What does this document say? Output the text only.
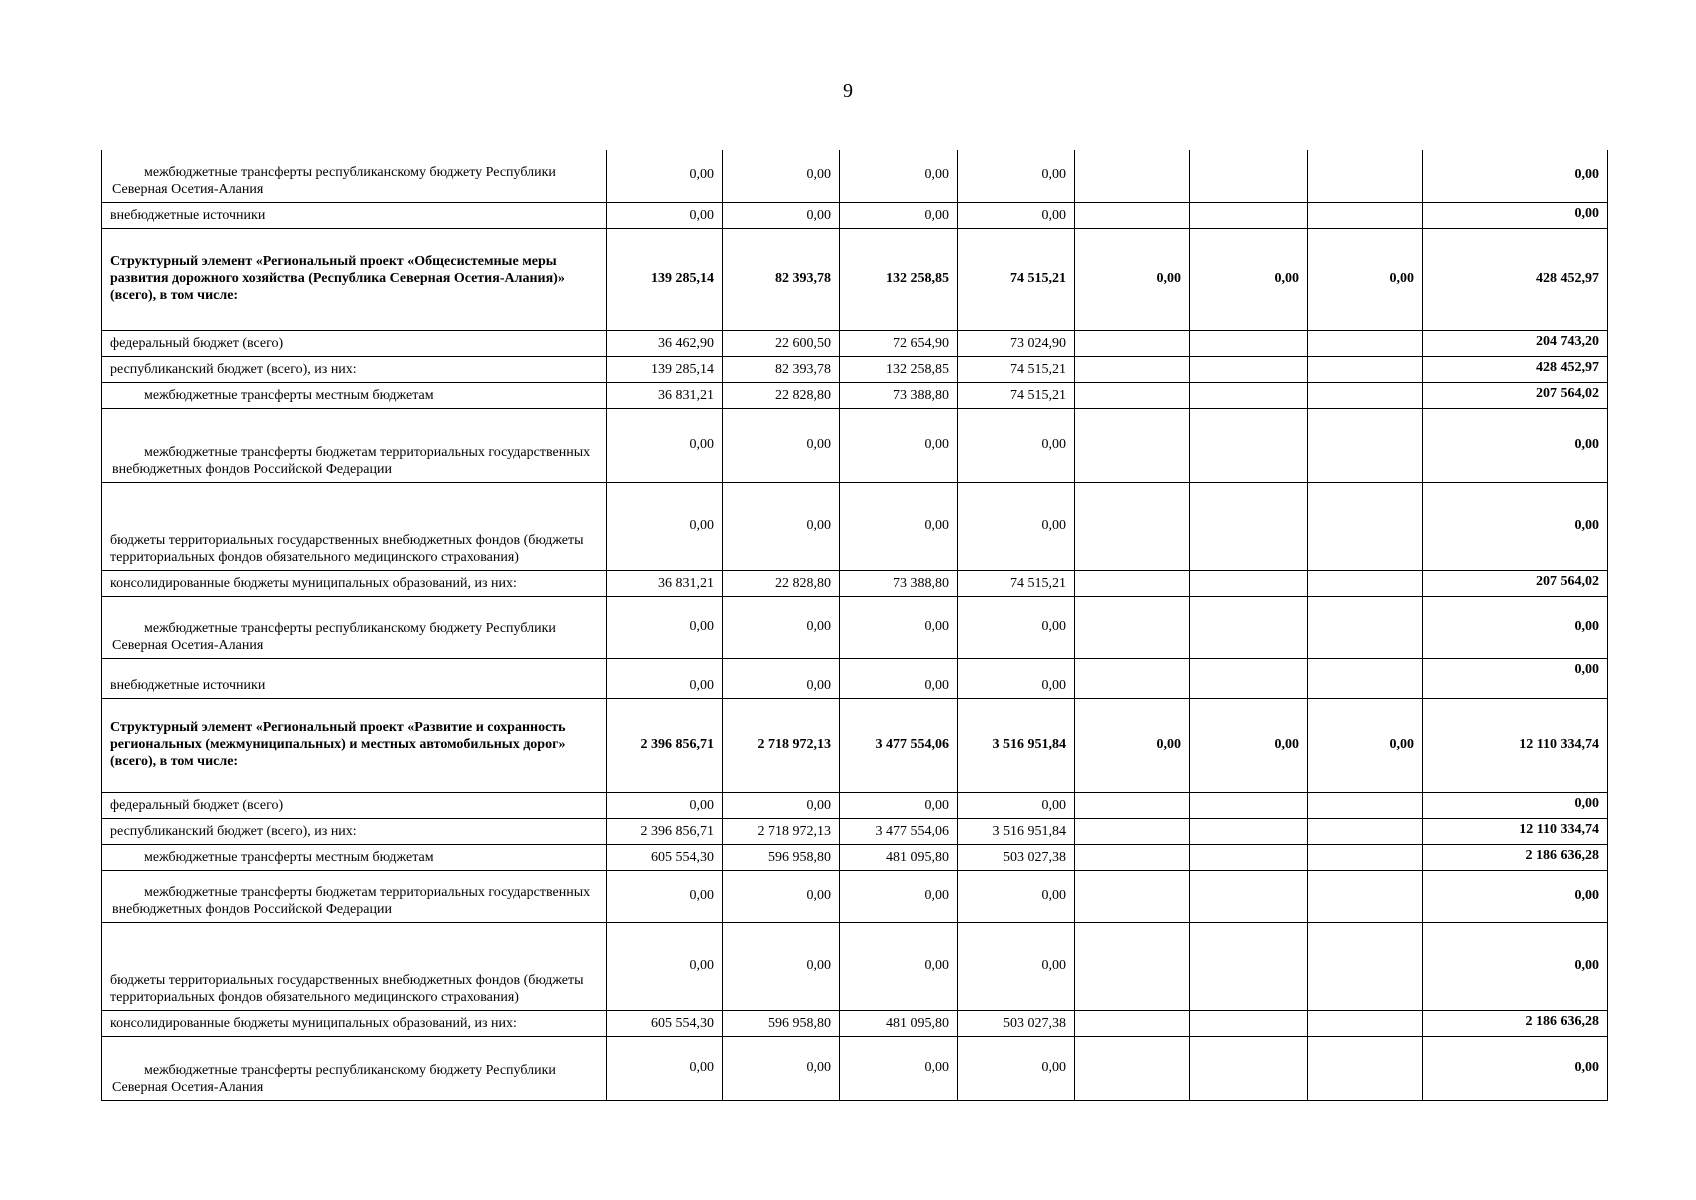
9
межбюджетные трансферты республиканскому бюджету Республики Северная Осетия-Алания	0,00	0,00	0,00	0,00				0,00
внебюджетные источники	0,00	0,00	0,00	0,00				0,00
Структурный элемент «Региональный проект «Общесистемные меры развития дорожного хозяйства (Республика Северная Осетия-Алания)» (всего), в том числе:	139 285,14	82 393,78	132 258,85	74 515,21	0,00	0,00	0,00	428 452,97
федеральный бюджет (всего)	36 462,90	22 600,50	72 654,90	73 024,90				204 743,20
республиканский бюджет (всего), из них:	139 285,14	82 393,78	132 258,85	74 515,21				428 452,97
межбюджетные трансферты местным бюджетам	36 831,21	22 828,80	73 388,80	74 515,21				207 564,02
межбюджетные трансферты бюджетам территориальных государственных внебюджетных фондов Российской Федерации	0,00	0,00	0,00	0,00				0,00
бюджеты территориальных государственных внебюджетных фондов (бюджеты территориальных фондов обязательного медицинского страхования)	0,00	0,00	0,00	0,00				0,00
консолидированные бюджеты муниципальных образований, из них:	36 831,21	22 828,80	73 388,80	74 515,21				207 564,02
межбюджетные трансферты республиканскому бюджету Республики Северная Осетия-Алания	0,00	0,00	0,00	0,00				0,00
внебюджетные источники	0,00	0,00	0,00	0,00				0,00
Структурный элемент «Региональный проект «Развитие и сохранность региональных (межмуниципальных) и местных автомобильных дорог» (всего), в том числе:	2 396 856,71	2 718 972,13	3 477 554,06	3 516 951,84	0,00	0,00	0,00	12 110 334,74
федеральный бюджет (всего)	0,00	0,00	0,00	0,00				0,00
республиканский бюджет (всего), из них:	2 396 856,71	2 718 972,13	3 477 554,06	3 516 951,84				12 110 334,74
межбюджетные трансферты местным бюджетам	605 554,30	596 958,80	481 095,80	503 027,38				2 186 636,28
межбюджетные трансферты бюджетам территориальных государственных внебюджетных фондов Российской Федерации	0,00	0,00	0,00	0,00				0,00
бюджеты территориальных государственных внебюджетных фондов (бюджеты территориальных фондов обязательного медицинского страхования)	0,00	0,00	0,00	0,00				0,00
консолидированные бюджеты муниципальных образований, из них:	605 554,30	596 958,80	481 095,80	503 027,38				2 186 636,28
межбюджетные трансферты республиканскому бюджету Республики Северная Осетия-Алания	0,00	0,00	0,00	0,00				0,00
